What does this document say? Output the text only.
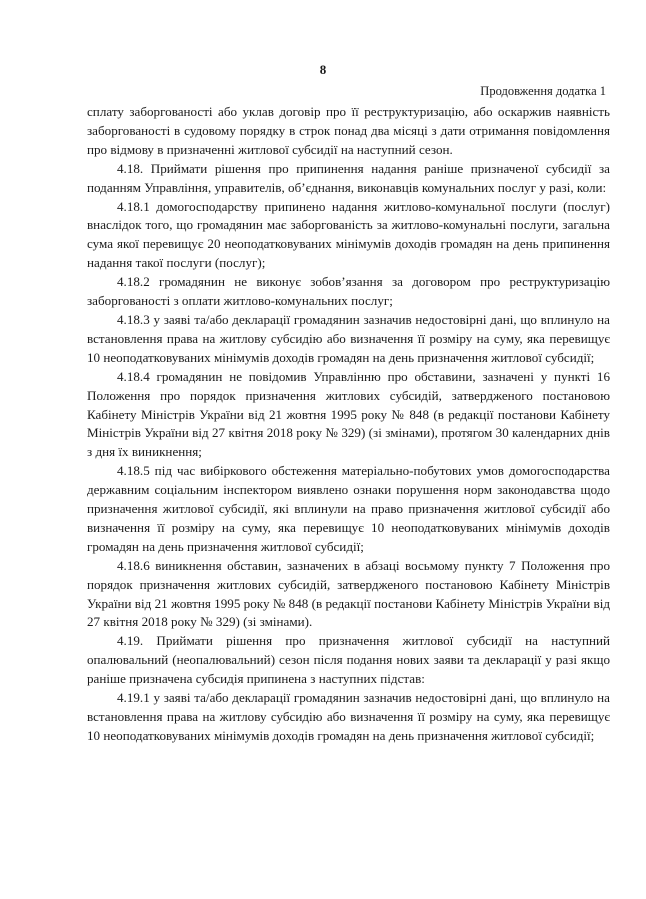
8
Продовження додатка 1

сплату заборгованості або уклав договір про її реструктуризацію, або оскаржив наявність заборгованості в судовому порядку в строк понад два місяці з дати отримання повідомлення про відмову в призначенні житлової субсидії на наступний сезон.

4.18. Приймати рішення про припинення надання раніше призначеної субсидії за поданням Управління, управителів, об’єднання, виконавців комунальних послуг у разі, коли:

4.18.1 домогосподарству припинено надання житлово-комунальної послуги (послуг) внаслідок того, що громадянин має заборгованість за житлово-комунальні послуги, загальна сума якої перевищує 20 неоподатковуваних мінімумів доходів громадян на день припинення надання такої послуги (послуг);

4.18.2 громадянин не виконує зобов’язання за договором про реструктуризацію заборгованості з оплати житлово-комунальних послуг;

4.18.3 у заяві та/або декларації громадянин зазначив недостовірні дані, що вплинуло на встановлення права на житлову субсидію або визначення її розміру на суму, яка перевищує 10 неоподатковуваних мінімумів доходів громадян на день призначення житлової субсидії;

4.18.4 громадянин не повідомив Управлінню про обставини, зазначені у пункті 16 Положення про порядок призначення житлових субсидій, затвердженого постановою Кабінету Міністрів України від 21 жовтня 1995 року № 848 (в редакції постанови Кабінету Міністрів України від 27 квітня 2018 року № 329) (зі змінами), протягом 30 календарних днів з дня їх виникнення;

4.18.5 під час вибіркового обстеження матеріально-побутових умов домогосподарства державним соціальним інспектором виявлено ознаки порушення норм законодавства щодо призначення житлової субсидії, які вплинули на право призначення житлової субсидії або визначення її розміру на суму, яка перевищує 10 неоподатковуваних мінімумів доходів громадян на день призначення житлової субсидії;

4.18.6 виникнення обставин, зазначених в абзаці восьмому пункту 7 Положення про порядок призначення житлових субсидій, затвердженого постановою Кабінету Міністрів України від 21 жовтня 1995 року № 848 (в редакції постанови Кабінету Міністрів України від 27 квітня 2018 року № 329) (зі змінами).

4.19. Приймати рішення про призначення житлової субсидії на наступний опалювальний (неопалювальний) сезон після подання нових заяви та декларації у разі якщо раніше призначена субсидія припинена з наступних підстав:

4.19.1 у заяві та/або декларації громадянин зазначив недостовірні дані, що вплинуло на встановлення права на житлову субсидію або визначення її розміру на суму, яка перевищує 10 неоподатковуваних мінімумів доходів громадян на день призначення житлової субсидії;
